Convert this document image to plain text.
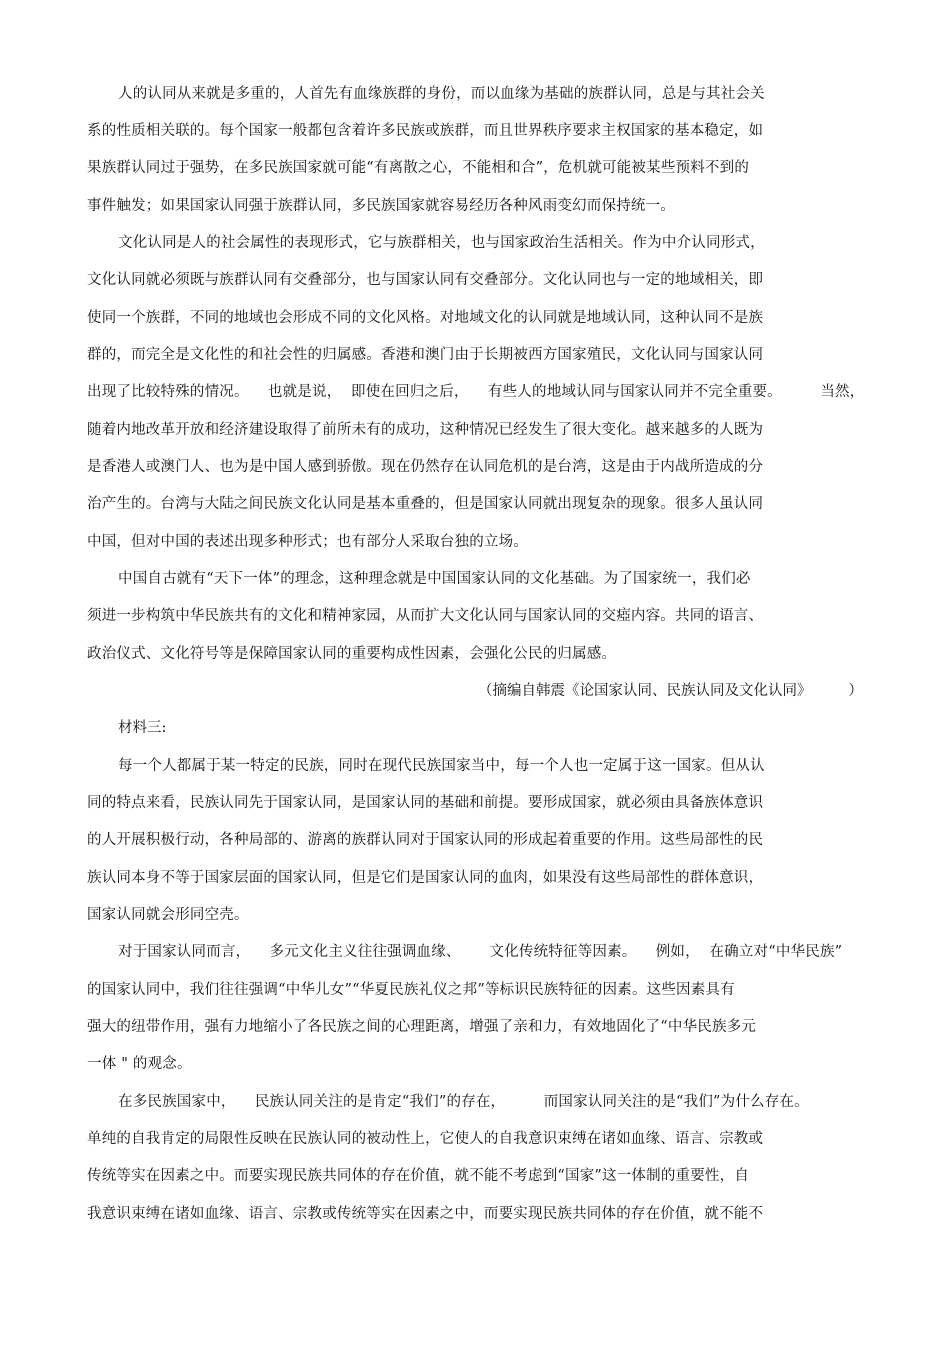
人的认同从来就是多重的，人首先有血缘族群的身份，而以血缘为基础的族群认同，总是与其社会关
系的性质相关联的。每个国家一般都包含着许多民族或族群，而且世界秩序要求主权国家的基本稳定，如
果族群认同过于强势，在多民族国家就可能“有离散之心，不能相和合”，危机就可能被某些预料不到的
事件触发；如果国家认同强于族群认同，多民族国家就容易经历各种风雨变幻而保持统一。
文化认同是人的社会属性的表现形式，它与族群相关，也与国家政治生活相关。作为中介认同形式，
文化认同就必须既与族群认同有交叠部分，也与国家认同有交叠部分。文化认同也与一定的地域相关，即
使同一个族群，不同的地域也会形成不同的文化风格。对地域文化的认同就是地域认同，这种认同不是族
群的，而完全是文化性的和社会性的归属感。香港和澳门由于长期被西方国家殖民，文化认同与国家认同
出现了比较特殊的情况。    也就是说，  即使在回归之后，    有些人的地域认同与国家认同并不完全重要。        当然，
随着内地改革开放和经济建设取得了前所未有的成功，这种情况已经发生了很大变化。越来越多的人既为
是香港人或澳门人、也为是中国人感到骄傲。现在仍然存在认同危机的是台湾，这是由于内战所造成的分
治产生的。台湾与大陆之间民族文化认同是基本重叠的，但是国家认同就出现复杂的现象。很多人虽认同
中国，但对中国的表述出现多种形式；也有部分人采取台独的立场。
中国自古就有“天下一体”的理念，这种理念就是中国国家认同的文化基础。为了国家统一，我们必
须进一步构筑中华民族共有的文化和精神家园，从而扩大文化认同与国家认同的交瘂内容。共同的语言、
政治仪式、文化符号等是保障国家认同的重要构成性因素，会强化公民的归属感。
（摘编自韩震《论国家认同、民族认同及文化认同》        ）
材料三:
每一个人都属于某一特定的民族，同时在现代民族国家当中，每一个人也一定属于这一国家。但从认
同的特点来看，民族认同先于国家认同，是国家认同的基础和前提。要形成国家，就必须由具备族体意识
的人开展积极行动，各种局部的、游离的族群认同对于国家认同的形成起着重要的作用。这些局部性的民
族认同本身不等于国家层面的国家认同，但是它们是国家认同的血肉，如果没有这些局部性的群体意识，
国家认同就会形同空壳。
对于国家认同而言，    多元文化主义往往强调血缘、      文化传统特征等因素。    例如，  在确立对“中华民族”
的国家认同中，我们往往强调“中华儿女”“华夏民族礼仪之邦”等标识民族特征的因素。这些因素具有
强大的纽带作用，强有力地缩小了各民族之间的心理距离，增强了亲和力，有效地固化了“中华民族多元
一体 " 的观念。
在多民族国家中，    民族认同关注的是肯定“我们”的存在，        而国家认同关注的是“我们”为什么存在。
单纯的自我肯定的局限性反映在民族认同的被动性上，它使人的自我意识束缚在诸如血缘、语言、宗教或
传统等实在因素之中。而要实现民族共同体的存在价值，就不能不考虑到“国家”这一体制的重要性，自
我意识束缚在诸如血缘、语言、宗教或传统等实在因素之中，而要实现民族共同体的存在价值，就不能不
